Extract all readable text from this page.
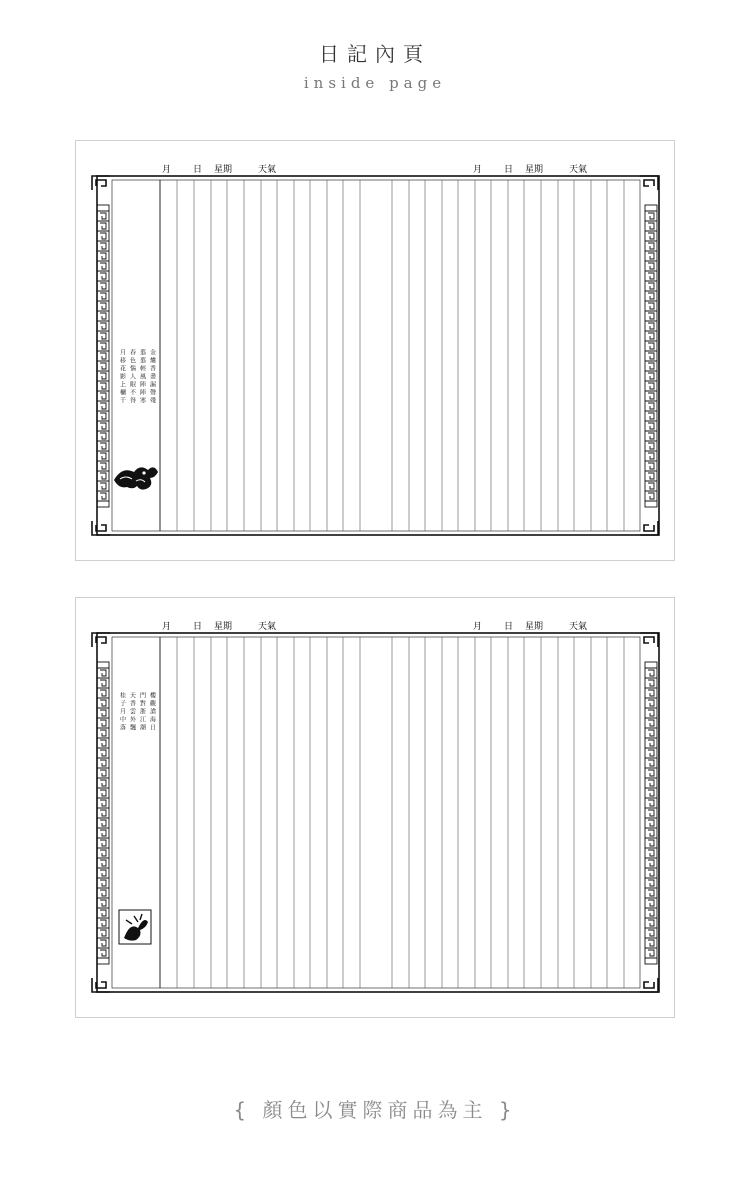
日記內頁
inside page
月 日 星期	天氣	月 日 星期	天氣
金爐香盡漏聲殘
翦翦輕風陣陣寒
春色惱人眠不得
月移花影上欄干
月 日 星期	天氣	月 日 星期	天氣
樓觀滄海日
門對浙江潮
天香雲外飄
桂子月中落
{ 顏色以實際商品為主 }
